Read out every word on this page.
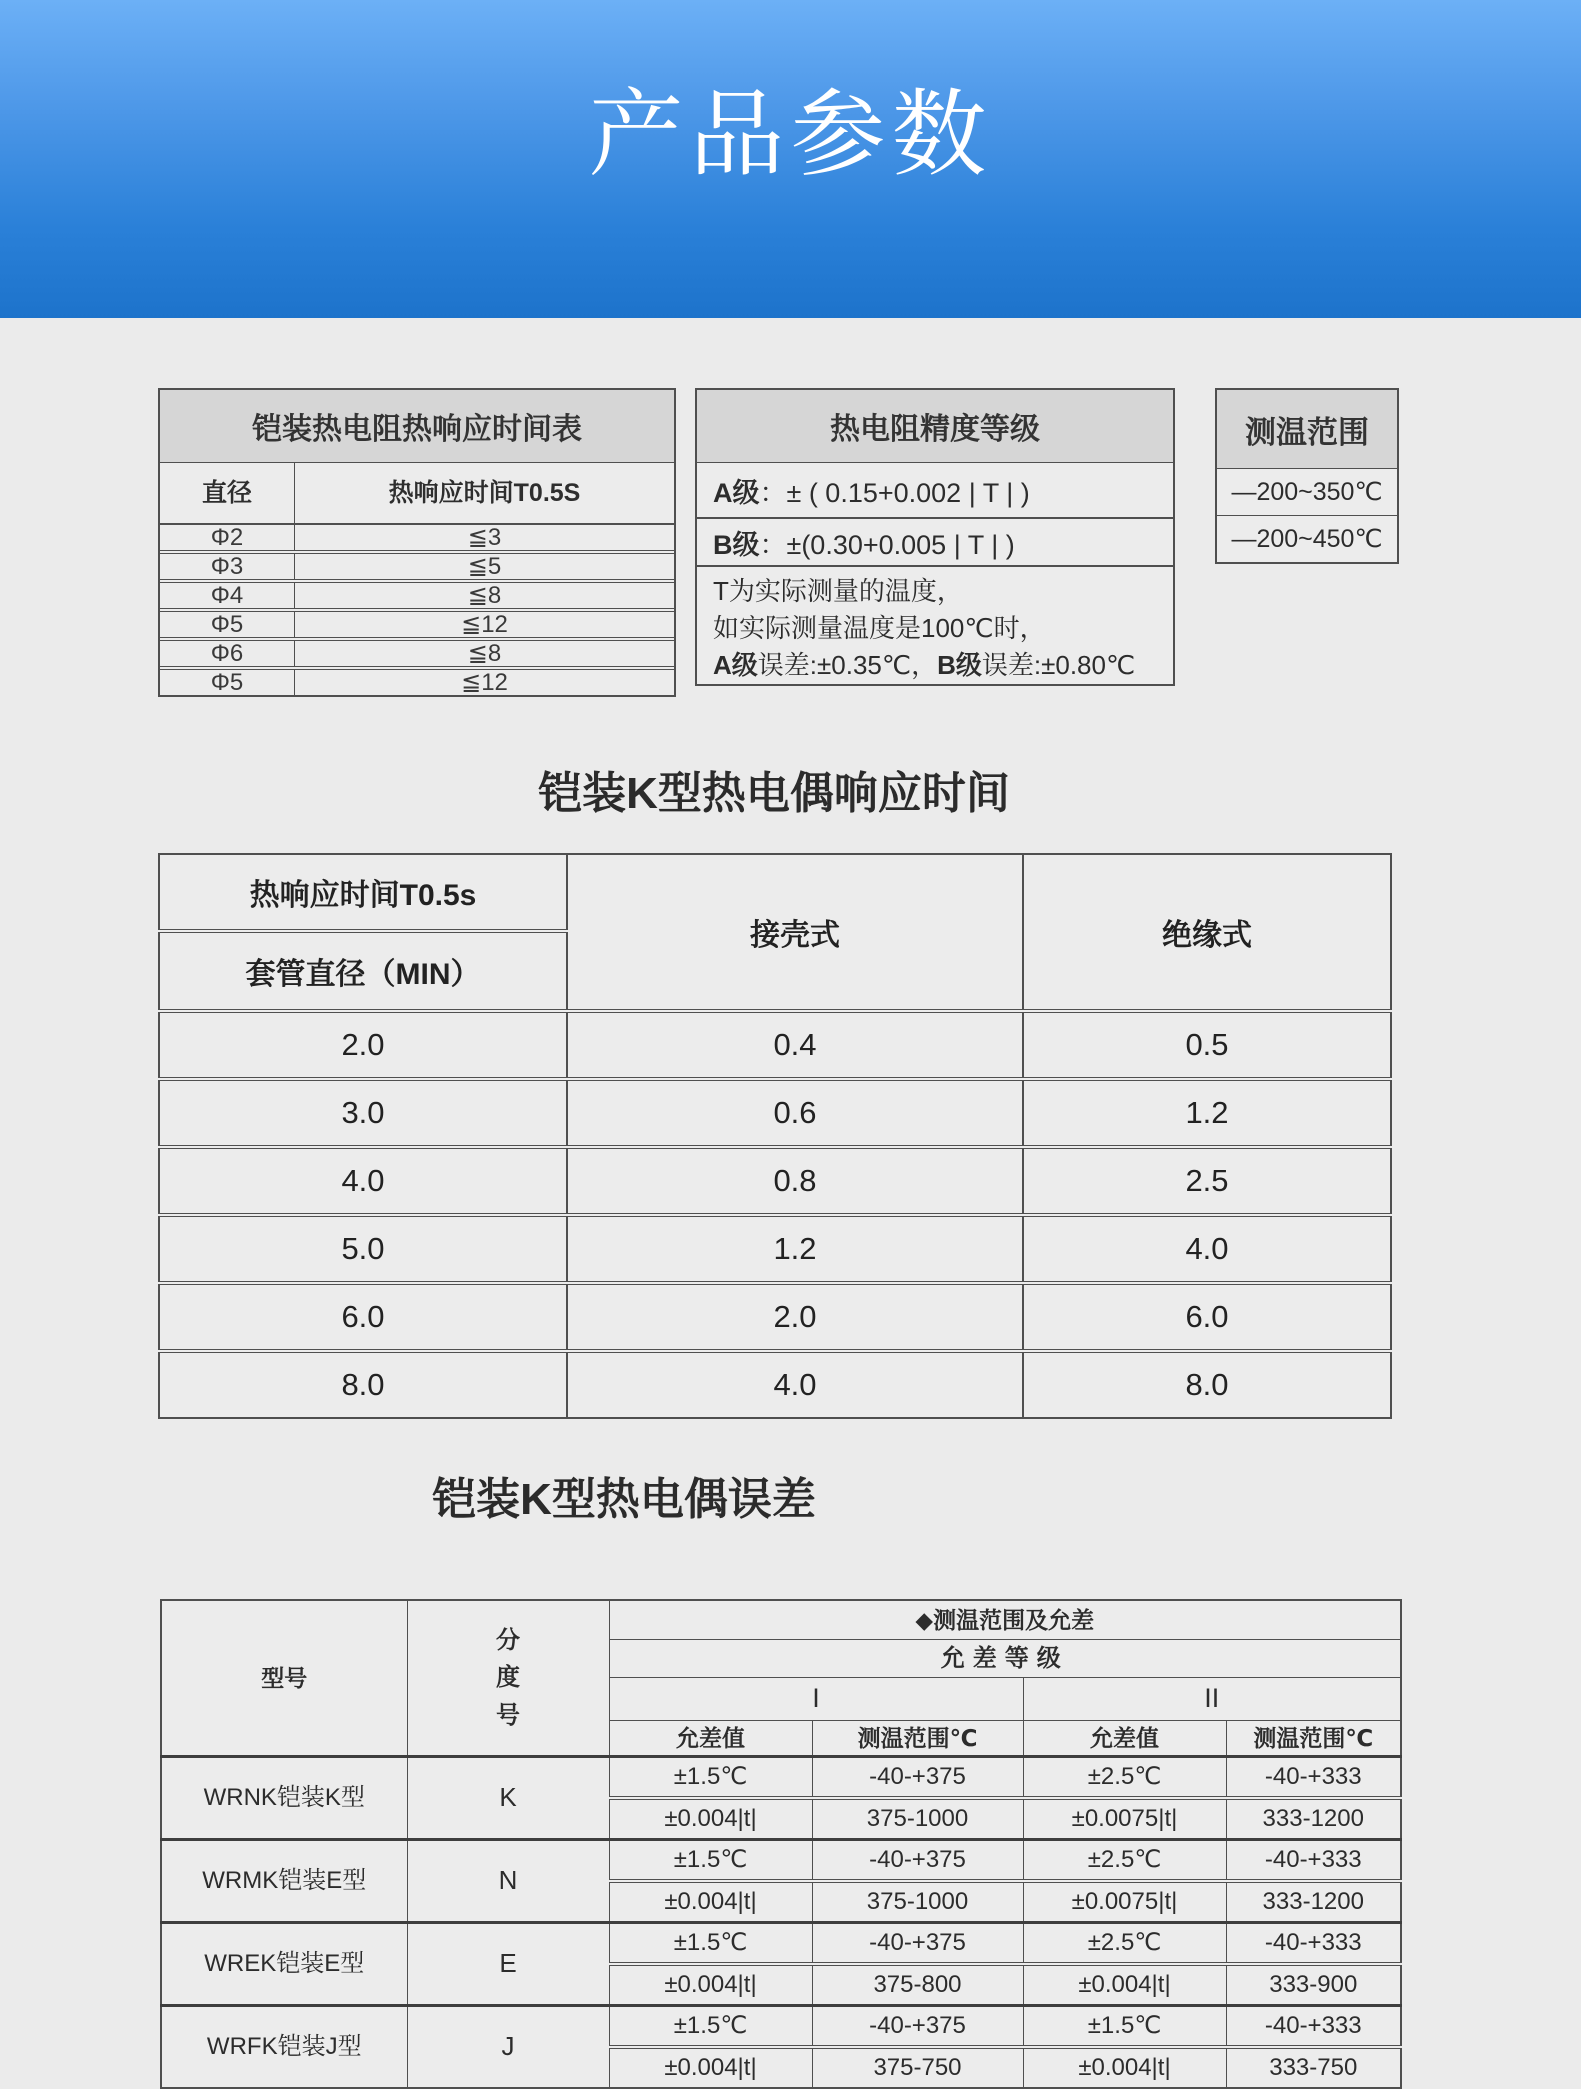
产品参数
铠装热电阻热响应时间表
直径	热响应时间T0.5S
Φ2	≦3
Φ3	≦5
Φ4	≦8
Φ5	≦12
Φ6	≦8
Φ5	≦12
热电阻精度等级
A级 ：± ( 0.15+0.002 | T | )
B级 ：±(0.30+0.005 | T | )
T为实际测量的温度，
如实际测量温度是100℃时，
A级误差:±0.35℃，B级误差:±0.80℃
测温范围
—200~350℃
—200~450℃
铠装K型热电偶响应时间
热响应时间T0.5s	接壳式	绝缘式
套管直径（MIN）		
2.0	0.4	0.5
3.0	0.6	1.2
4.0	0.8	2.5
5.0	1.2	4.0
6.0	2.0	6.0
8.0	4.0	8.0
铠装K型热电偶误差
型号	分度号	◆测温范围及允差			
		允差等级			
		I		II	
		允差值	测温范围℃	允差值	测温范围℃
WRNK铠装K型	K	±1.5℃	-40-+375	±2.5℃	-40-+333
		±0.004|t|	375-1000	±0.0075|t|	333-1200
WRMK铠装E型	N	±1.5℃	-40-+375	±2.5℃	-40-+333
		±0.004|t|	375-1000	±0.0075|t|	333-1200
WREK铠装E型	E	±1.5℃	-40-+375	±2.5℃	-40-+333
		±0.004|t|	375-800	±0.004|t|	333-900
WRFK铠装J型	J	±1.5℃	-40-+375	±1.5℃	-40-+333
		±0.004|t|	375-750	±0.004|t|	333-750
